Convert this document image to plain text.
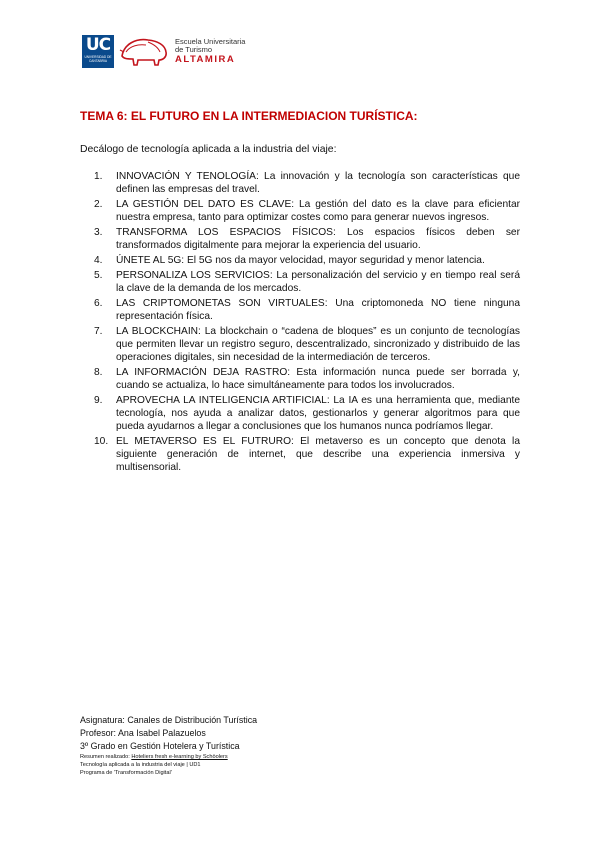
UC
UNIVERSIDAD DE CANTABRIA
Escuela Universitaria
de Turismo
ALTAMIRA
TEMA 6: EL FUTURO EN LA INTERMEDIACION TURÍSTICA:
Decálogo de tecnología aplicada a la industria del viaje:
1.	INNOVACIÓN Y TENOLOGÍA: La innovación y la tecnología son características que definen las empresas del travel.
2.	LA GESTIÓN DEL DATO ES CLAVE: La gestión del dato es la clave para eficientar nuestra empresa, tanto para optimizar costes como para generar nuevos ingresos.
3.	TRANSFORMA LOS ESPACIOS FÍSICOS: Los espacios físicos deben ser transformados digitalmente para mejorar la experiencia del usuario.
4.	ÚNETE AL 5G: El 5G nos da mayor velocidad, mayor seguridad y menor latencia.
5.	PERSONALIZA LOS SERVICIOS: La personalización del servicio y en tiempo real será la clave de la demanda de los mercados.
6.	LAS CRIPTOMONETAS SON VIRTUALES: Una criptomoneda NO tiene ninguna representación física.
7.	LA BLOCKCHAIN: La blockchain o “cadena de bloques” es un conjunto de tecnologías que permiten llevar un registro seguro, descentralizado, sincronizado y distribuido de las operaciones digitales, sin necesidad de la intermediación de terceros.
8.	LA INFORMACIÓN DEJA RASTRO: Esta información nunca puede ser borrada y, cuando se actualiza, lo hace simultáneamente para todos los involucrados.
9.	APROVECHA LA INTELIGENCIA ARTIFICIAL: La IA es una herramienta que, mediante tecnología, nos ayuda a analizar datos, gestionarlos y generar algoritmos para que pueda ayudarnos a llegar a conclusiones que los humanos nunca podríamos llegar.
10. EL METAVERSO ES EL FUTRURO: El metaverso es un concepto que denota la siguiente generación de internet, que describe una experiencia inmersiva y multisensorial.
Asignatura: Canales de Distribución Turística
Profesor: Ana Isabel Palazuelos
3º Grado en Gestión Hotelera y Turística
Resumen realizado: Hoteliers fresh e-learning by Schöolers
Tecnología aplicada a la industria del viaje | UD1
Programa de 'Transformación Digital'
